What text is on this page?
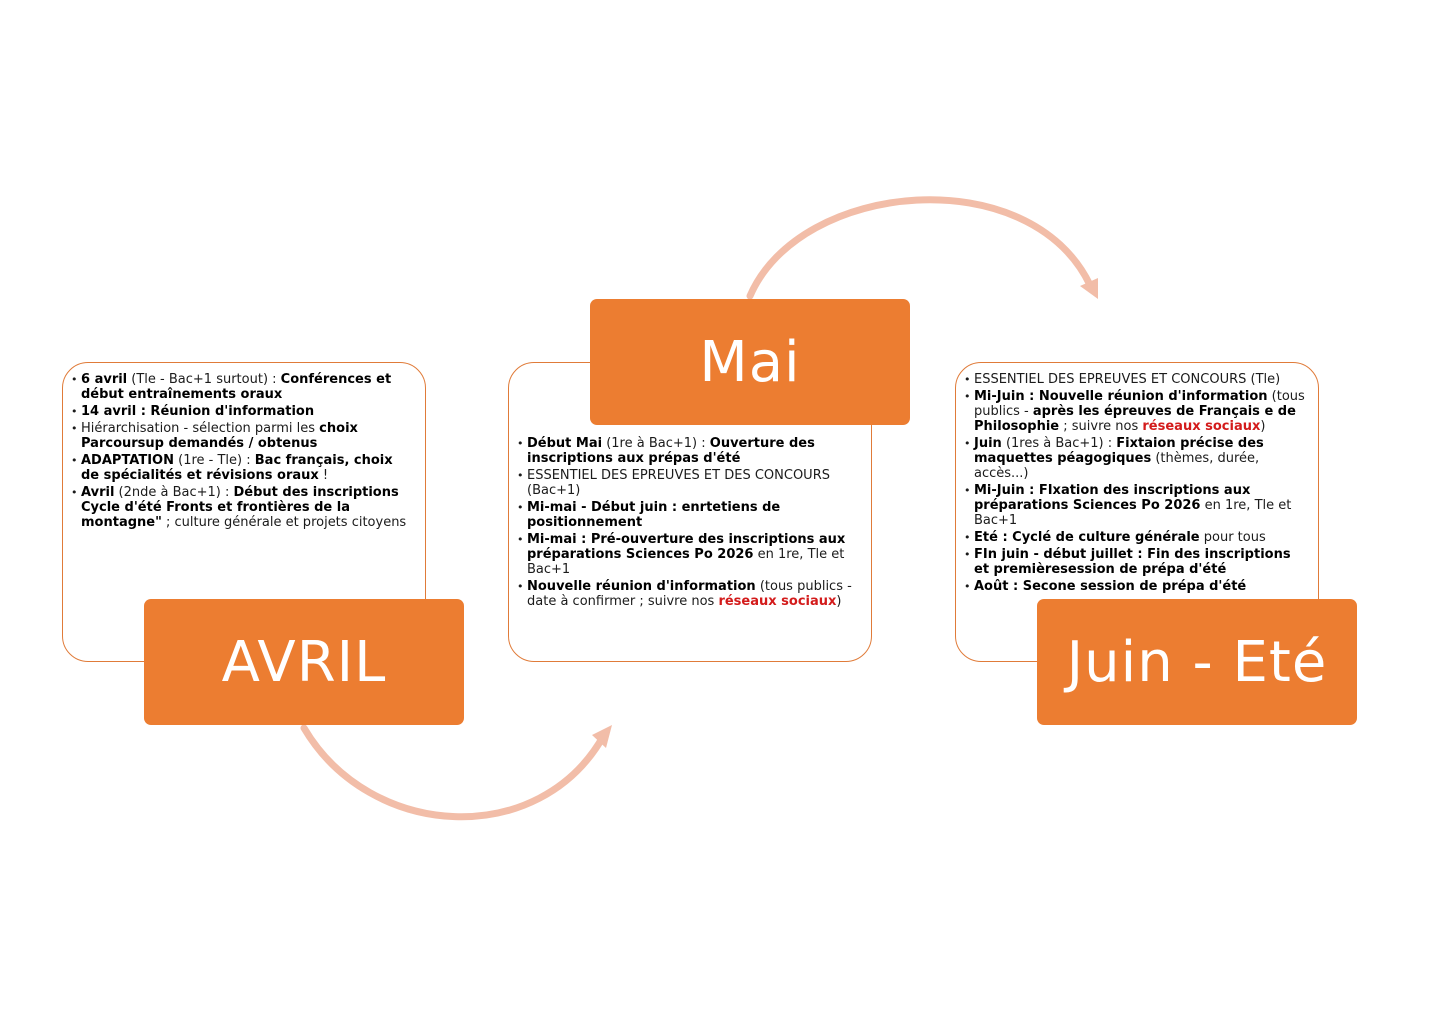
• 6 avril (Tle - Bac+1 surtout) : Conférences et début entraînements oraux
• 14 avril : Réunion d'information
• Hiérarchisation - sélection parmi les choix Parcoursup demandés / obtenus
• ADAPTATION (1re - Tle) : Bac français, choix de spécialités et révisions oraux !
• Avril (2nde à Bac+1) : Début des inscriptions Cycle d'été Fronts et frontières de la montagne" ; culture générale et projets citoyens
AVRIL
• Début Mai (1re à Bac+1) : Ouverture des inscriptions aux prépas d'été
• ESSENTIEL DES EPREUVES ET DES CONCOURS (Bac+1)
• Mi-mai - Début juin : enrtetiens de positionnement
• Mi-mai : Pré-ouverture des inscriptions aux préparations Sciences Po 2026 en 1re, Tle et Bac+1
• Nouvelle réunion d'information (tous publics - date à confirmer ; suivre nos réseaux sociaux)
Mai
•	ESSENTIEL DES EPREUVES ET CONCOURS (Tle)
• Mi-Juin : Nouvelle réunion d'information (tous publics - après les épreuves de Français e de Philosophie ; suivre nos réseaux sociaux)
• Juin (1res à Bac+1) : Fixtaion précise des maquettes péagogiques (thèmes, durée, accès...)
• Mi-Juin : FIxation des inscriptions aux préparations Sciences Po 2026 en 1re, Tle et Bac+1
• Eté : Cyclé de culture générale pour tous
• FIn juin - début juillet : Fin des inscriptions et premièresession de prépa d'été
• Août : Secone session de prépa d'été
Juin - Eté
